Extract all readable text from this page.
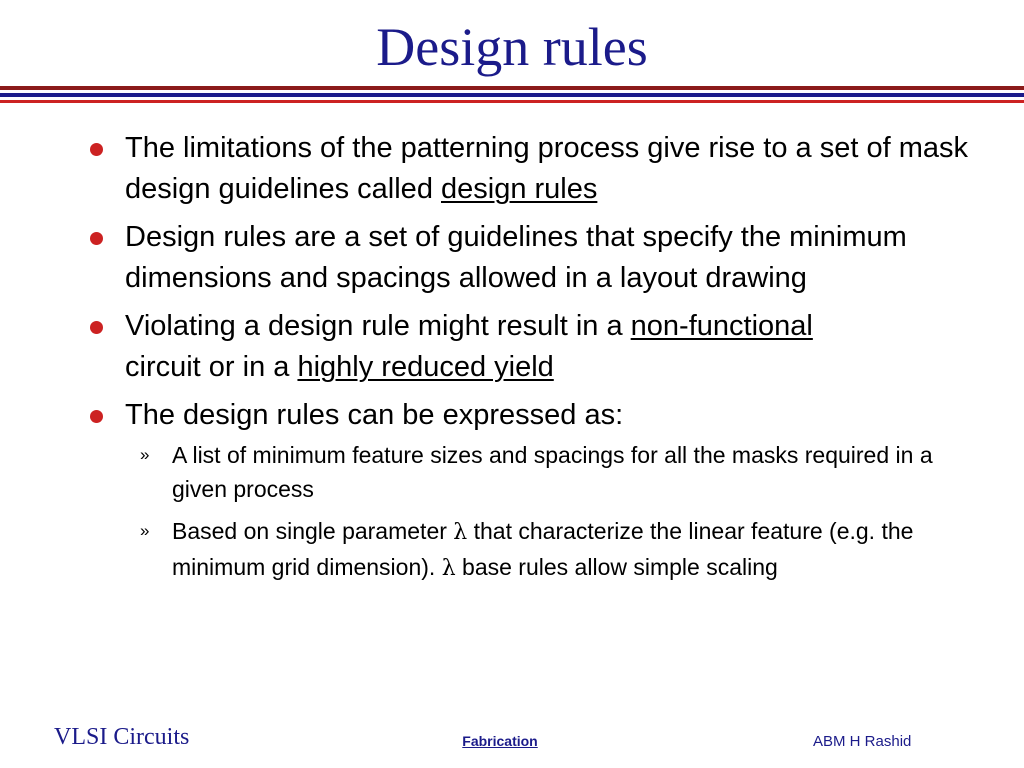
Design rules
The limitations of the patterning process give rise to a set of mask design guidelines called design rules
Design rules are a set of guidelines that specify the minimum dimensions and spacings allowed in a layout drawing
Violating a design rule might result in a non-functional
circuit or in a highly reduced yield
The design rules can be expressed as:
» A list of minimum feature sizes and spacings for all the masks required in a given process
» Based on single parameter λ that characterize the linear feature (e.g. the minimum grid dimension). λ base rules allow simple scaling
VLSI Circuits	Fabrication	ABM H Rashid
